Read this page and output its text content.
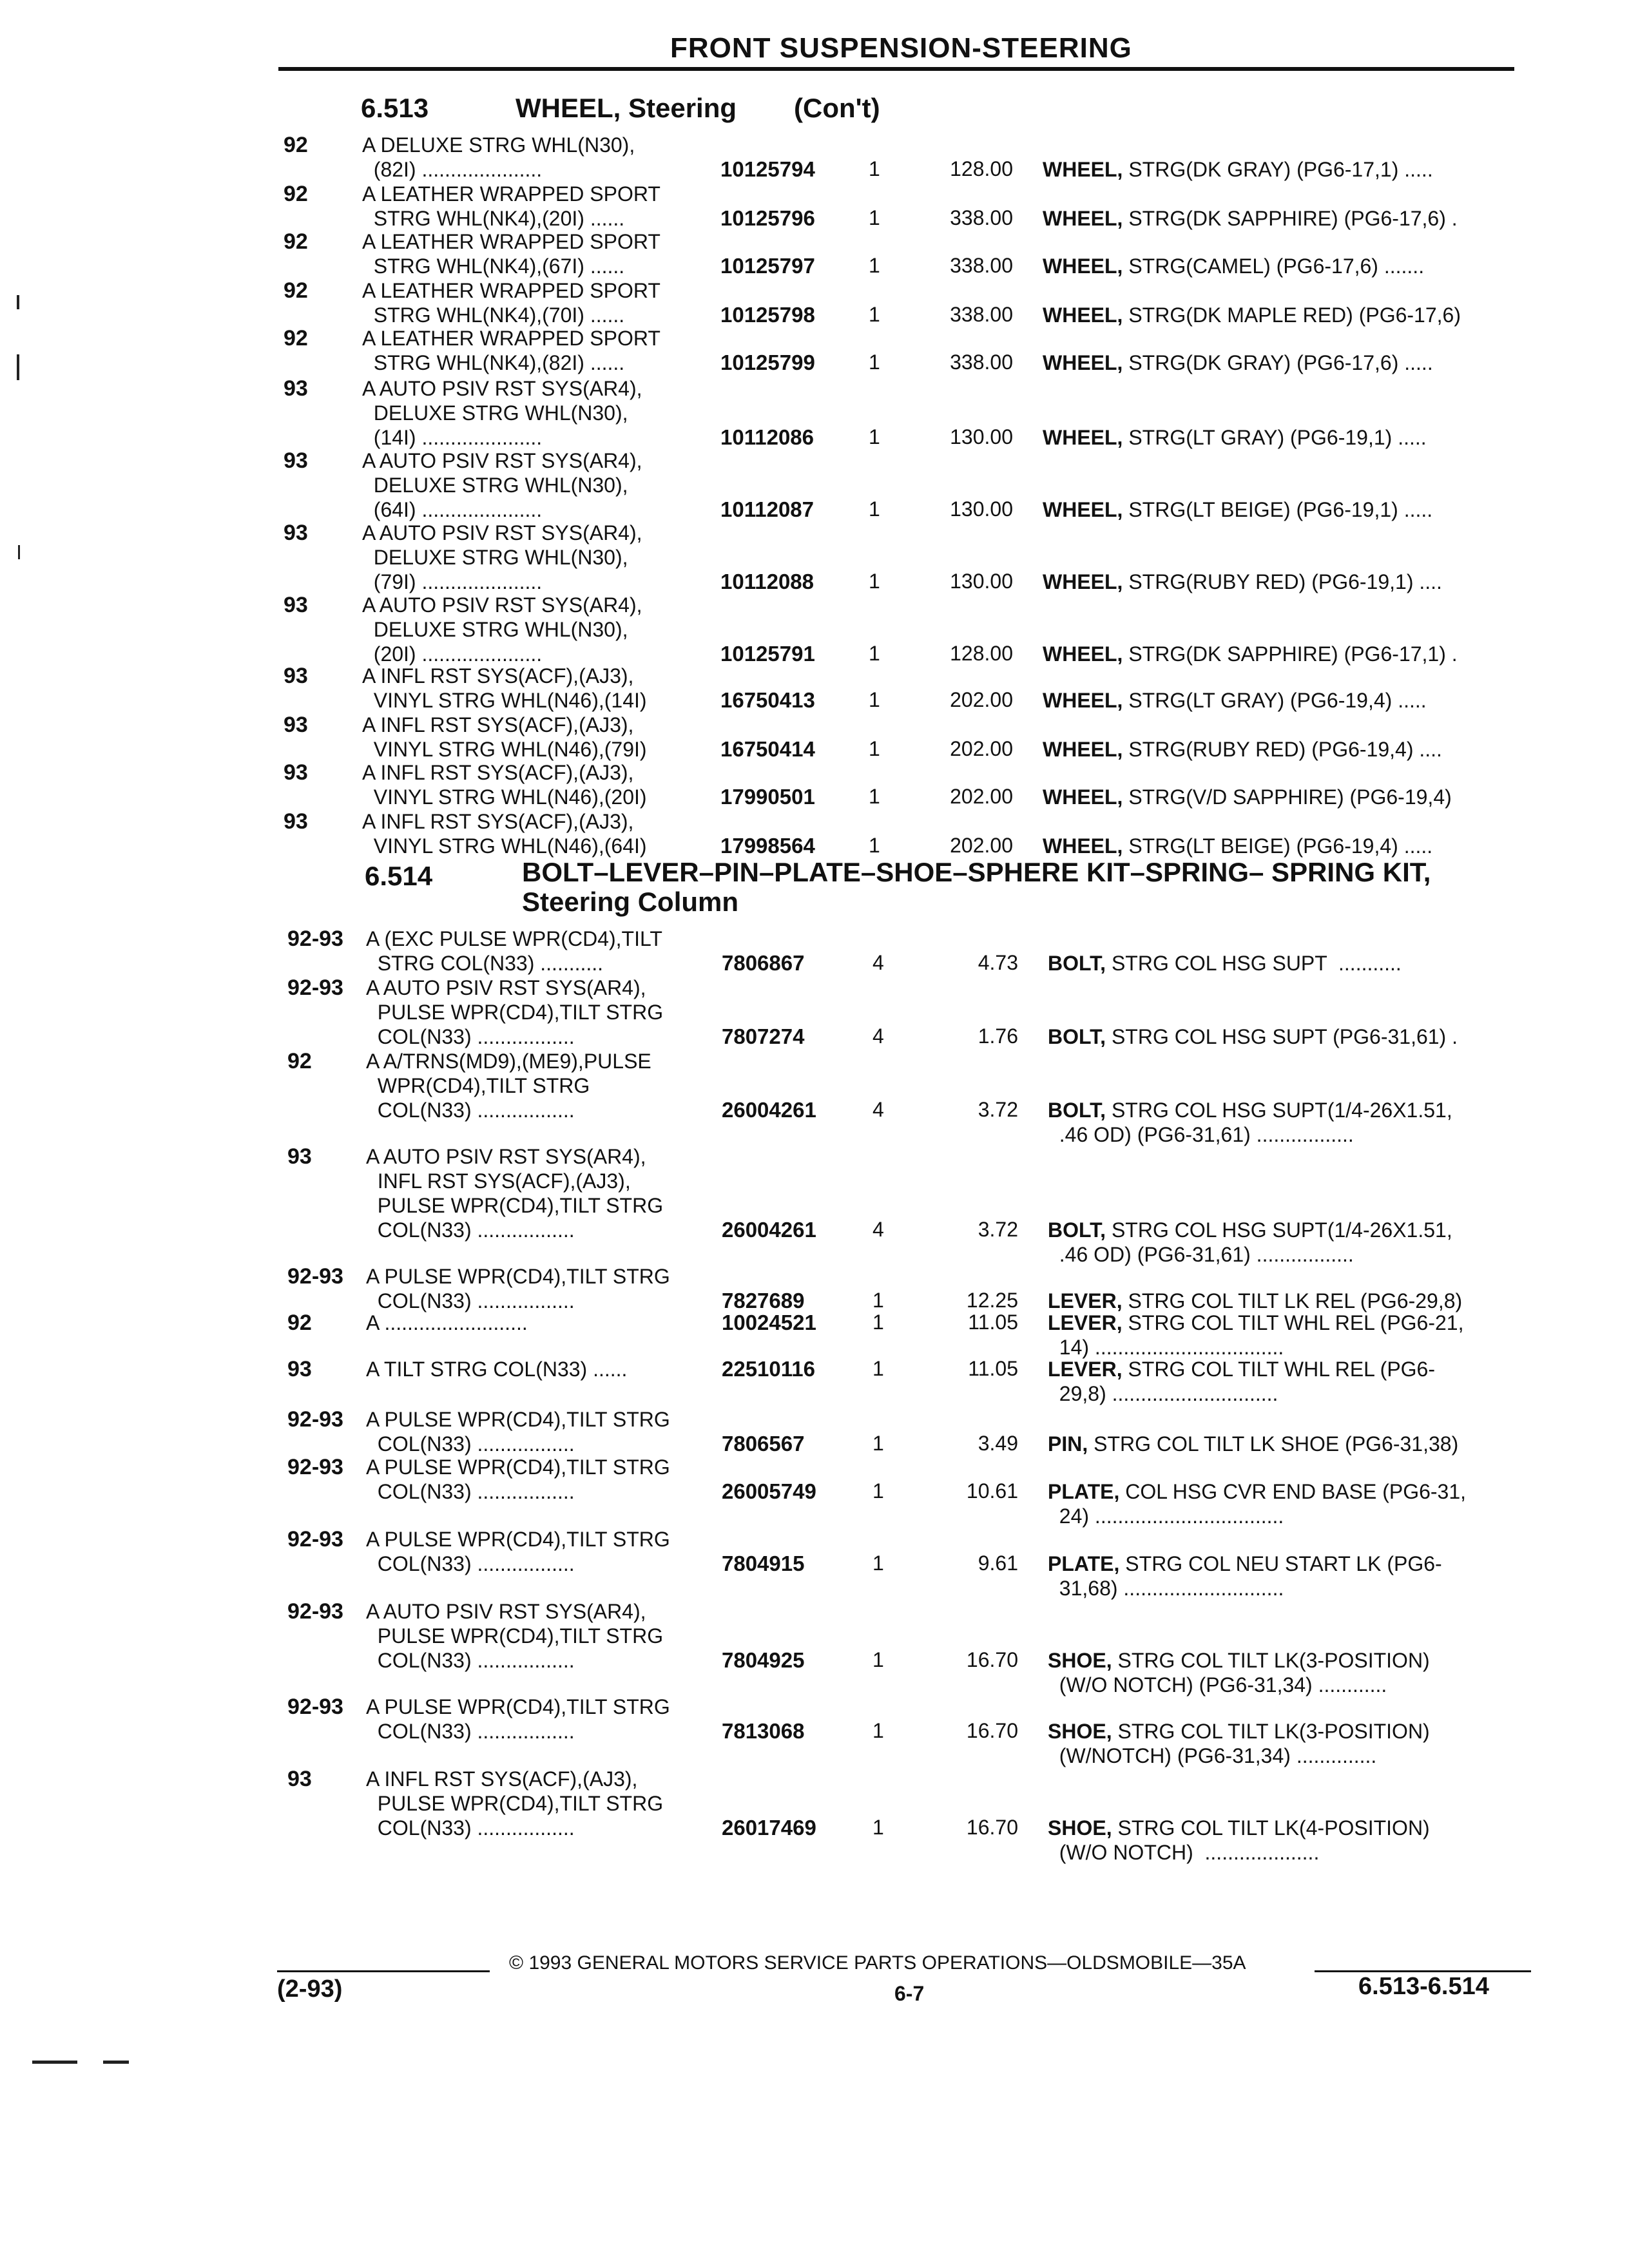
FRONT SUSPENSION-STEERING
6.513	WHEEL, Steering (Con't)
92	A DELUXE STRG WHL(N30),
(82I) .....................	10125794	1	128.00 WHEEL, STRG(DK GRAY) (PG6-17,1) .....
92	A LEATHER WRAPPED SPORT
STRG WHL(NK4),(20I) ......	10125796	1	338.00 WHEEL, STRG(DK SAPPHIRE) (PG6-17,6) .
92	A LEATHER WRAPPED SPORT
STRG WHL(NK4),(67I) ......	10125797	1	338.00 WHEEL, STRG(CAMEL) (PG6-17,6) .......
92	A LEATHER WRAPPED SPORT
STRG WHL(NK4),(70I) ......	10125798	1	338.00 WHEEL, STRG(DK MAPLE RED) (PG6-17,6)
92	A LEATHER WRAPPED SPORT
STRG WHL(NK4),(82I) ......	10125799	1	338.00 WHEEL, STRG(DK GRAY) (PG6-17,6) .....
93	A AUTO PSIV RST SYS(AR4),
DELUXE STRG WHL(N30),
(14I) .....................	10112086	1	130.00 WHEEL, STRG(LT GRAY) (PG6-19,1) .....
93	A AUTO PSIV RST SYS(AR4),
DELUXE STRG WHL(N30),
(64I) .....................	10112087	1	130.00 WHEEL, STRG(LT BEIGE) (PG6-19,1) .....
93	A AUTO PSIV RST SYS(AR4),
DELUXE STRG WHL(N30),
(79I) .....................	10112088	1	130.00 WHEEL, STRG(RUBY RED) (PG6-19,1) ....
93	A AUTO PSIV RST SYS(AR4),
DELUXE STRG WHL(N30),
(20I) .....................	10125791	1	128.00 WHEEL, STRG(DK SAPPHIRE) (PG6-17,1) .
93	A INFL RST SYS(ACF),(AJ3),
VINYL STRG WHL(N46),(14I)	16750413	1	202.00 WHEEL, STRG(LT GRAY) (PG6-19,4) .....
93	A INFL RST SYS(ACF),(AJ3),
VINYL STRG WHL(N46),(79I)	16750414	1	202.00 WHEEL, STRG(RUBY RED) (PG6-19,4) ....
93	A INFL RST SYS(ACF),(AJ3),
VINYL STRG WHL(N46),(20I)	17990501	1	202.00 WHEEL, STRG(V/D SAPPHIRE) (PG6-19,4)
93	A INFL RST SYS(ACF),(AJ3),
VINYL STRG WHL(N46),(64I)	17998564	1	202.00 WHEEL, STRG(LT BEIGE) (PG6-19,4) .....
6.514	BOLT–LEVER–PIN–PLATE–SHOE–SPHERE KIT–SPRING– SPRING KIT,
Steering Column
92-93 A (EXC PULSE WPR(CD4),TILT
STRG COL(N33) ...........	7806867	4	4.73 BOLT, STRG COL HSG SUPT  ...........
92-93 A AUTO PSIV RST SYS(AR4),
PULSE WPR(CD4),TILT STRG
COL(N33) .................	7807274	4	1.76 BOLT, STRG COL HSG SUPT (PG6-31,61) .
92	A A/TRNS(MD9),(ME9),PULSE
WPR(CD4),TILT STRG
COL(N33) .................	26004261	4	3.72 BOLT, STRG COL HSG SUPT(1/4-26X1.51,
.46 OD) (PG6-31,61) .................
93	A AUTO PSIV RST SYS(AR4),
INFL RST SYS(ACF),(AJ3),
PULSE WPR(CD4),TILT STRG
COL(N33) .................	26004261	4	3.72 BOLT, STRG COL HSG SUPT(1/4-26X1.51,
.46 OD) (PG6-31,61) .................
92-93 A PULSE WPR(CD4),TILT STRG
COL(N33) .................	7827689	1	12.25 LEVER, STRG COL TILT LK REL (PG6-29,8)
92	A .........................	10024521	1	11.05 LEVER, STRG COL TILT WHL REL (PG6-21,
14) .................................
93	A TILT STRG COL(N33) ......	22510116	1	11.05 LEVER, STRG COL TILT WHL REL (PG6-
29,8) .............................
92-93 A PULSE WPR(CD4),TILT STRG
COL(N33) .................	7806567	1	3.49 PIN, STRG COL TILT LK SHOE (PG6-31,38)
92-93 A PULSE WPR(CD4),TILT STRG
COL(N33) .................	26005749	1	10.61 PLATE, COL HSG CVR END BASE (PG6-31,
24) .................................
92-93 A PULSE WPR(CD4),TILT STRG
COL(N33) .................	7804915	1	9.61 PLATE, STRG COL NEU START LK (PG6-
31,68) ............................
92-93 A AUTO PSIV RST SYS(AR4),
PULSE WPR(CD4),TILT STRG
COL(N33) .................	7804925	1	16.70 SHOE, STRG COL TILT LK(3-POSITION)
(W/O NOTCH) (PG6-31,34) ............
92-93 A PULSE WPR(CD4),TILT STRG
COL(N33) .................	7813068	1	16.70 SHOE, STRG COL TILT LK(3-POSITION)
(W/NOTCH) (PG6-31,34) ..............
93	A INFL RST SYS(ACF),(AJ3),
PULSE WPR(CD4),TILT STRG
COL(N33) .................	26017469	1	16.70 SHOE, STRG COL TILT LK(4-POSITION)
(W/O NOTCH)  ....................
© 1993 GENERAL MOTORS SERVICE PARTS OPERATIONS—OLDSMOBILE—35A
(2-93)	6-7	6.513-6.514
